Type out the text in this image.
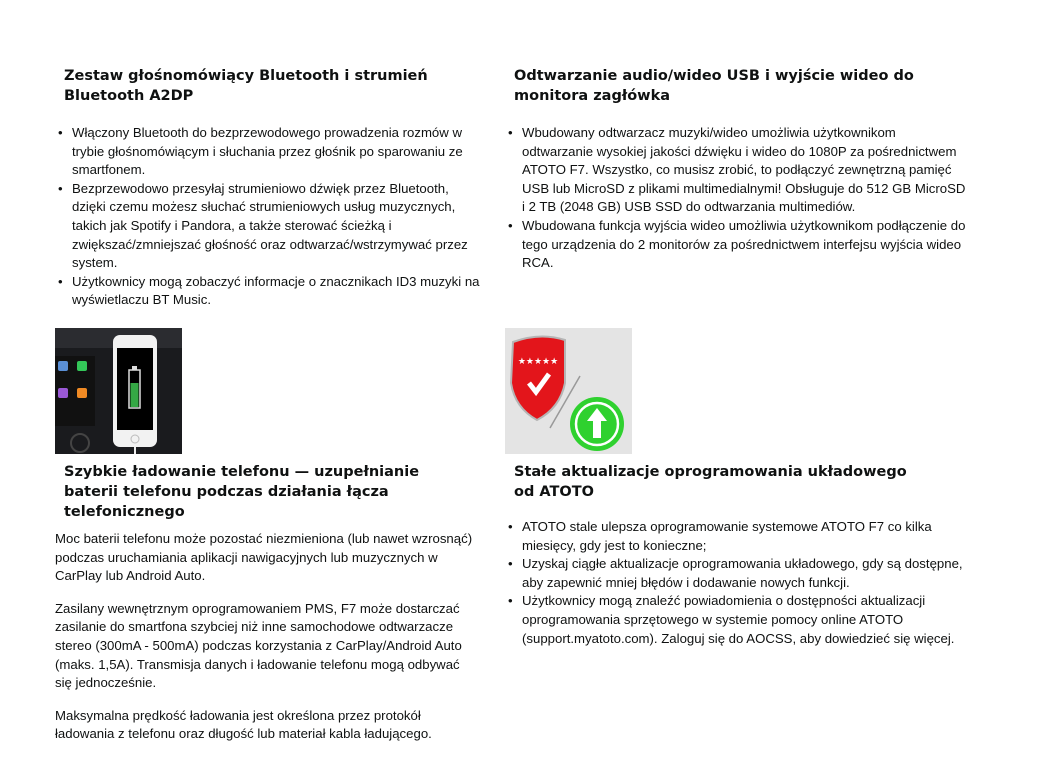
Zestaw głośnomówiący Bluetooth i strumień Bluetooth A2DP
• Włączony Bluetooth do bezprzewodowego prowadzenia rozmów w trybie głośnomówiącym i słuchania przez głośnik po sparowaniu ze smartfonem.
• Bezprzewodowo przesyłaj strumieniowo dźwięk przez Bluetooth, dzięki czemu możesz słuchać strumieniowych usług muzycznych, takich jak Spotify i Pandora, a także sterować ścieżką i zwiększać/zmniejszać głośność oraz odtwarzać/wstrzymywać przez system.
• Użytkownicy mogą zobaczyć informacje o znacznikach ID3 muzyki na wyświetlaczu BT Music.
Odtwarzanie audio/wideo USB i wyjście wideo do monitora zagłówka
• Wbudowany odtwarzacz muzyki/wideo umożliwia użytkownikom odtwarzanie wysokiej jakości dźwięku i wideo do 1080P za pośrednictwem ATOTO F7. Wszystko, co musisz zrobić, to podłączyć zewnętrzną pamięć USB lub MicroSD z plikami multimedialnymi! Obsługuje do 512 GB MicroSD i 2 TB (2048 GB) USB SSD do odtwarzania multimediów.
• Wbudowana funkcja wyjścia wideo umożliwia użytkownikom podłączenie do tego urządzenia do 2 monitorów za pośrednictwem interfejsu wyjścia wideo RCA.
★★★★★
Szybkie ładowanie telefonu — uzupełnianie baterii telefonu podczas działania łącza telefonicznego

Moc baterii telefonu może pozostać niezmieniona (lub nawet wzrosnąć) podczas uruchamiania aplikacji nawigacyjnych lub muzycznych w CarPlay lub Android Auto.

Zasilany wewnętrznym oprogramowaniem PMS, F7 może dostarczać zasilanie do smartfona szybciej niż inne samochodowe odtwarzacze stereo (300mA - 500mA) podczas korzystania z CarPlay/Android Auto (maks. 1,5A). Transmisja danych i ładowanie telefonu mogą odbywać się jednocześnie.

Maksymalna prędkość ładowania jest określona przez protokół ładowania z telefonu oraz długość lub materiał kabla ładującego.

Stałe aktualizacje oprogramowania układowego od ATOTO
• ATOTO stale ulepsza oprogramowanie systemowe ATOTO F7 co kilka miesięcy, gdy jest to konieczne;
• Uzyskaj ciągłe aktualizacje oprogramowania układowego, gdy są dostępne, aby zapewnić mniej błędów i dodawanie nowych funkcji.
• Użytkownicy mogą znaleźć powiadomienia o dostępności aktualizacji oprogramowania sprzętowego w systemie pomocy online ATOTO (support.myatoto.com). Zaloguj się do AOCSS, aby dowiedzieć się więcej.
